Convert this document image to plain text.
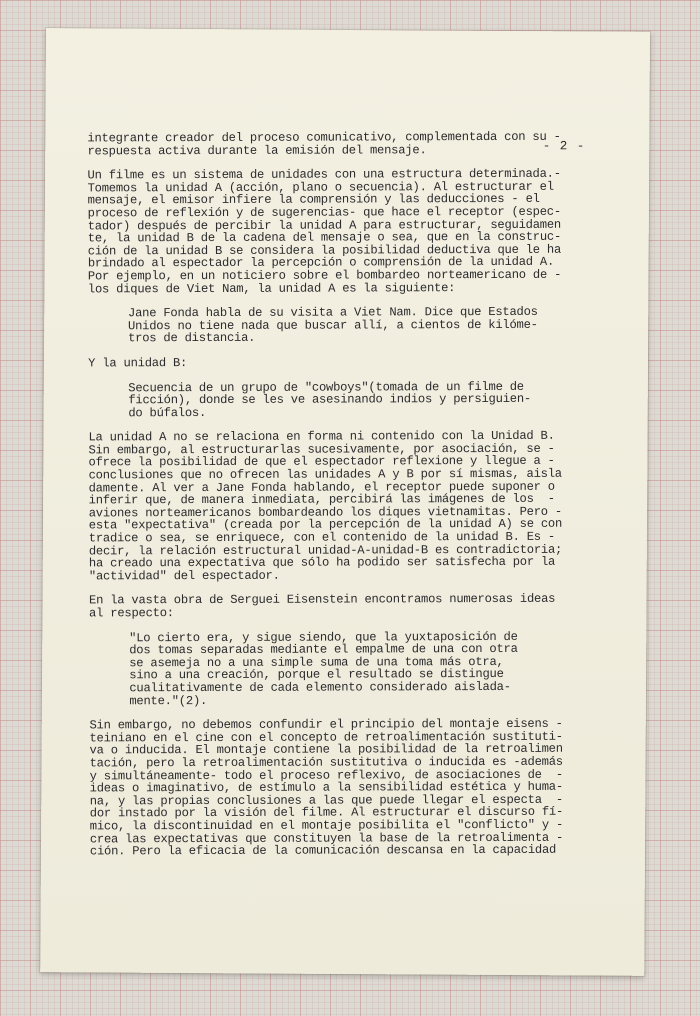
- 2 -
integrante creador del proceso comunicativo, complementada con su -
respuesta activa durante la emisión del mensaje.
Un filme es un sistema de unidades con una estructura determinada.-
Tomemos la unidad A (acción, plano o secuencia). Al estructurar el
mensaje, el emisor infiere la comprensión y las deducciones - el
proceso de reflexión y de sugerencias- que hace el receptor (espec-
tador) después de percibir la unidad A para estructurar, seguidamen
te, la unidad B de la cadena del mensaje o sea, que en la construc-
ción de la unidad B se considera la posibilidad deductiva que le ha
brindado al espectador la percepción o comprensión de la unidad A.
Por ejemplo, en un noticiero sobre el bombardeo norteamericano de -
los diques de Viet Nam, la unidad A es la siguiente:
Jane Fonda habla de su visita a Viet Nam. Dice que Estados
Unidos no tiene nada que buscar allí, a cientos de kilóme-
tros de distancia.
Y la unidad B:
Secuencia de un grupo de "cowboys"(tomada de un filme de
ficción), donde se les ve asesinando indios y persiguien-
do búfalos.
La unidad A no se relaciona en forma ni contenido con la Unidad B.
Sin embargo, al estructurarlas sucesivamente, por asociación, se -
ofrece la posibilidad de que el espectador reflexione y llegue a -
conclusiones que no ofrecen las unidades A y B por sí mismas, aisla
damente. Al ver a Jane Fonda hablando, el receptor puede suponer o
inferir que, de manera inmediata, percibirá las imágenes de los  -
aviones norteamericanos bombardeando los diques vietnamitas. Pero -
esta "expectativa" (creada por la percepción de la unidad A) se con
tradice o sea, se enriquece, con el contenido de la unidad B. Es -
decir, la relación estructural unidad-A-unidad-B es contradictoria;
ha creado una expectativa que sólo ha podido ser satisfecha por la
"actividad" del espectador.
En la vasta obra de Serguei Eisenstein encontramos numerosas ideas
al respecto:
"Lo cierto era, y sigue siendo, que la yuxtaposición de
dos tomas separadas mediante el empalme de una con otra
se asemeja no a una simple suma de una toma más otra,
sino a una creación, porque el resultado se distingue
cualitativamente de cada elemento considerado aislada-
mente."(2).
Sin embargo, no debemos confundir el principio del montaje eisens -
teiniano en el cine con el concepto de retroalimentación sustituti-
va o inducida. El montaje contiene la posibilidad de la retroalimen
tación, pero la retroalimentación sustitutiva o inducida es -además
y simultáneamente- todo el proceso reflexivo, de asociaciones de  -
ideas o imaginativo, de estímulo a la sensibilidad estética y huma-
na, y las propias conclusiones a las que puede llegar el especta  -
dor instado por la visión del filme. Al estructurar el discurso fí-
mico, la discontinuidad en el montaje posibilita el "conflicto" y -
crea las expectativas que constituyen la base de la retroalimenta -
ción. Pero la eficacia de la comunicación descansa en la capacidad
